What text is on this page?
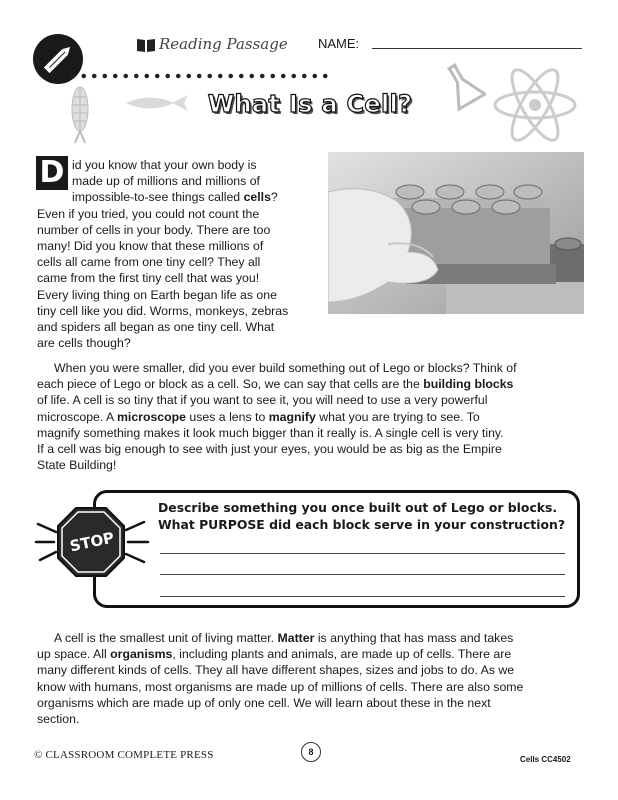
Reading Passage NAME:
What Is a Cell?
D id you know that your own body is
made up of millions and millions of
impossible-to-see things called cells?
Even if you tried, you could not count the
number of cells in your body. There are too
many! Did you know that these millions of
cells all came from one tiny cell? They all
came from the first tiny cell that was you!
Every living thing on Earth began life as one
tiny cell like you did. Worms, monkeys, zebras
and spiders all began as one tiny cell. What
are cells though?
When you were smaller, did you ever build something out of Lego or blocks? Think of
each piece of Lego or block as a cell. So, we can say that cells are the building blocks
of life. A cell is so tiny that if you want to see it, you will need to use a very powerful
microscope. A microscope uses a lens to magnify what you are trying to see. To
magnify something makes it look much bigger than it really is. A single cell is very tiny.
If a cell was big enough to see with just your eyes, you would be as big as the Empire
State Building!
STOP
Describe something you once built out of Lego or blocks.
What PURPOSE did each block serve in your construction?
A cell is the smallest unit of living matter. Matter is anything that has mass and takes
up space. All organisms, including plants and animals, are made up of cells. There are
many different kinds of cells. They all have different shapes, sizes and jobs to do. As we
know with humans, most organisms are made up of millions of cells. There are also some
organisms which are made up of only one cell. We will learn about these in the next
section.
© CLASSROOM COMPLETE PRESS	8
Cells CC4502
